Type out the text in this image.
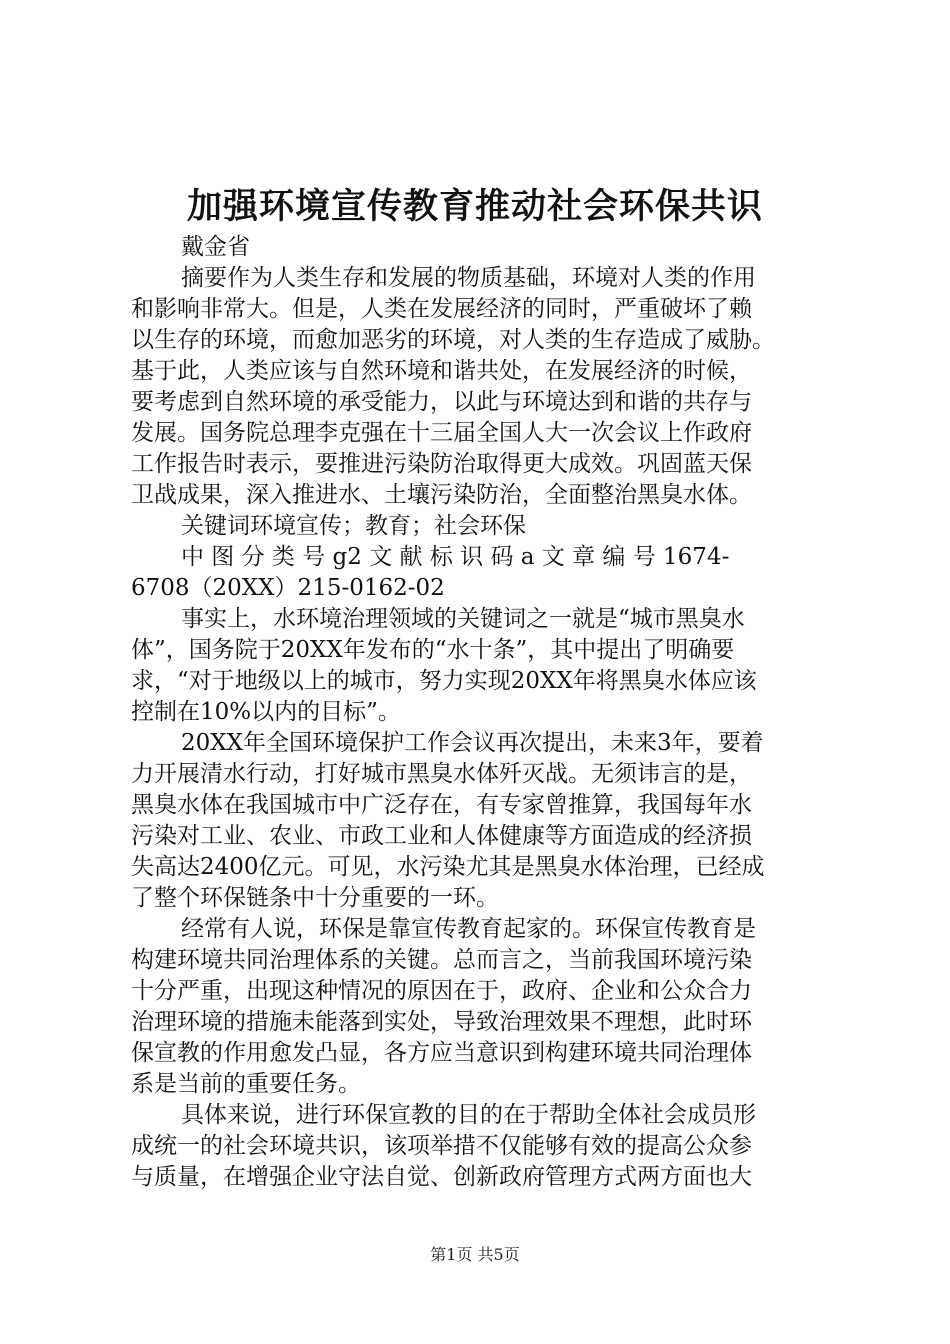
加强环境宣传教育推动社会环保共识
戴金省
摘要作为人类生存和发展的物质基础，环境对人类的作用
和影响非常大。但是，人类在发展经济的同时，严重破坏了赖
以生存的环境，而愈加恶劣的环境，对人类的生存造成了威胁。
基于此，人类应该与自然环境和谐共处，在发展经济的时候，
要考虑到自然环境的承受能力，以此与环境达到和谐的共存与
发展。国务院总理李克强在十三届全国人大一次会议上作政府
工作报告时表示，要推进污染防治取得更大成效。巩固蓝天保
卫战成果，深入推进水、土壤污染防治，全面整治黑臭水体。
关键词环境宣传；教育；社会环保
中 图 分 类 号 g2 文 献 标 识 码 a 文 章 编 号 1674-
6708（20XX）215-0162-02
事实上，水环境治理领域的关键词之一就是“城市黑臭水
体”，国务院于20XX年发布的“水十条”，其中提出了明确要
求，“对于地级以上的城市，努力实现20XX年将黑臭水体应该
控制在10%以内的目标”。
20XX年全国环境保护工作会议再次提出，未来3年，要着
力开展清水行动，打好城市黑臭水体歼灭战。无须讳言的是，
黑臭水体在我国城市中广泛存在，有专家曾推算，我国每年水
污染对工业、农业、市政工业和人体健康等方面造成的经济损
失高达2400亿元。可见，水污染尤其是黑臭水体治理，已经成
了整个环保链条中十分重要的一环。
经常有人说，环保是靠宣传教育起家的。环保宣传教育是
构建环境共同治理体系的关键。总而言之，当前我国环境污染
十分严重，出现这种情况的原因在于，政府、企业和公众合力
治理环境的措施未能落到实处，导致治理效果不理想，此时环
保宣教的作用愈发凸显，各方应当意识到构建环境共同治理体
系是当前的重要任务。
具体来说，进行环保宣教的目的在于帮助全体社会成员形
成统一的社会环境共识，该项举措不仅能够有效的提高公众参
与质量，在增强企业守法自觉、创新政府管理方式两方面也大
第1页 共5页
